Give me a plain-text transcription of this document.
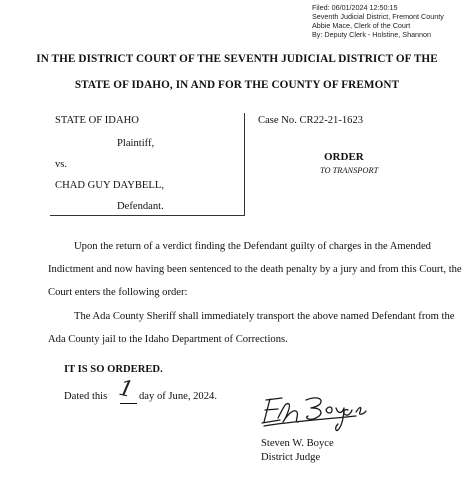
Filed: 06/01/2024 12:50:15
Seventh Judicial District, Fremont County
Abbie Mace, Clerk of the Court
By: Deputy Clerk - Holstine, Shannon
IN THE DISTRICT COURT OF THE SEVENTH JUDICIAL DISTRICT OF THE
STATE OF IDAHO, IN AND FOR THE COUNTY OF FREMONT
STATE OF IDAHO
Plaintiff,
vs.
CHAD GUY DAYBELL,
Defendant.
Case No. CR22-21-1623
ORDER
TO TRANSPORT
Upon the return of a verdict finding the Defendant guilty of charges in the Amended
Indictment and now having been sentenced to the death penalty by a jury and from this Court, the
Court enters the following order:
The Ada County Sheriff shall immediately transport the above named Defendant from the
Ada County jail to the Idaho Department of Corrections.
IT IS SO ORDERED.
Dated this 1 day of June, 2024.
Steven W. Boyce
District Judge
